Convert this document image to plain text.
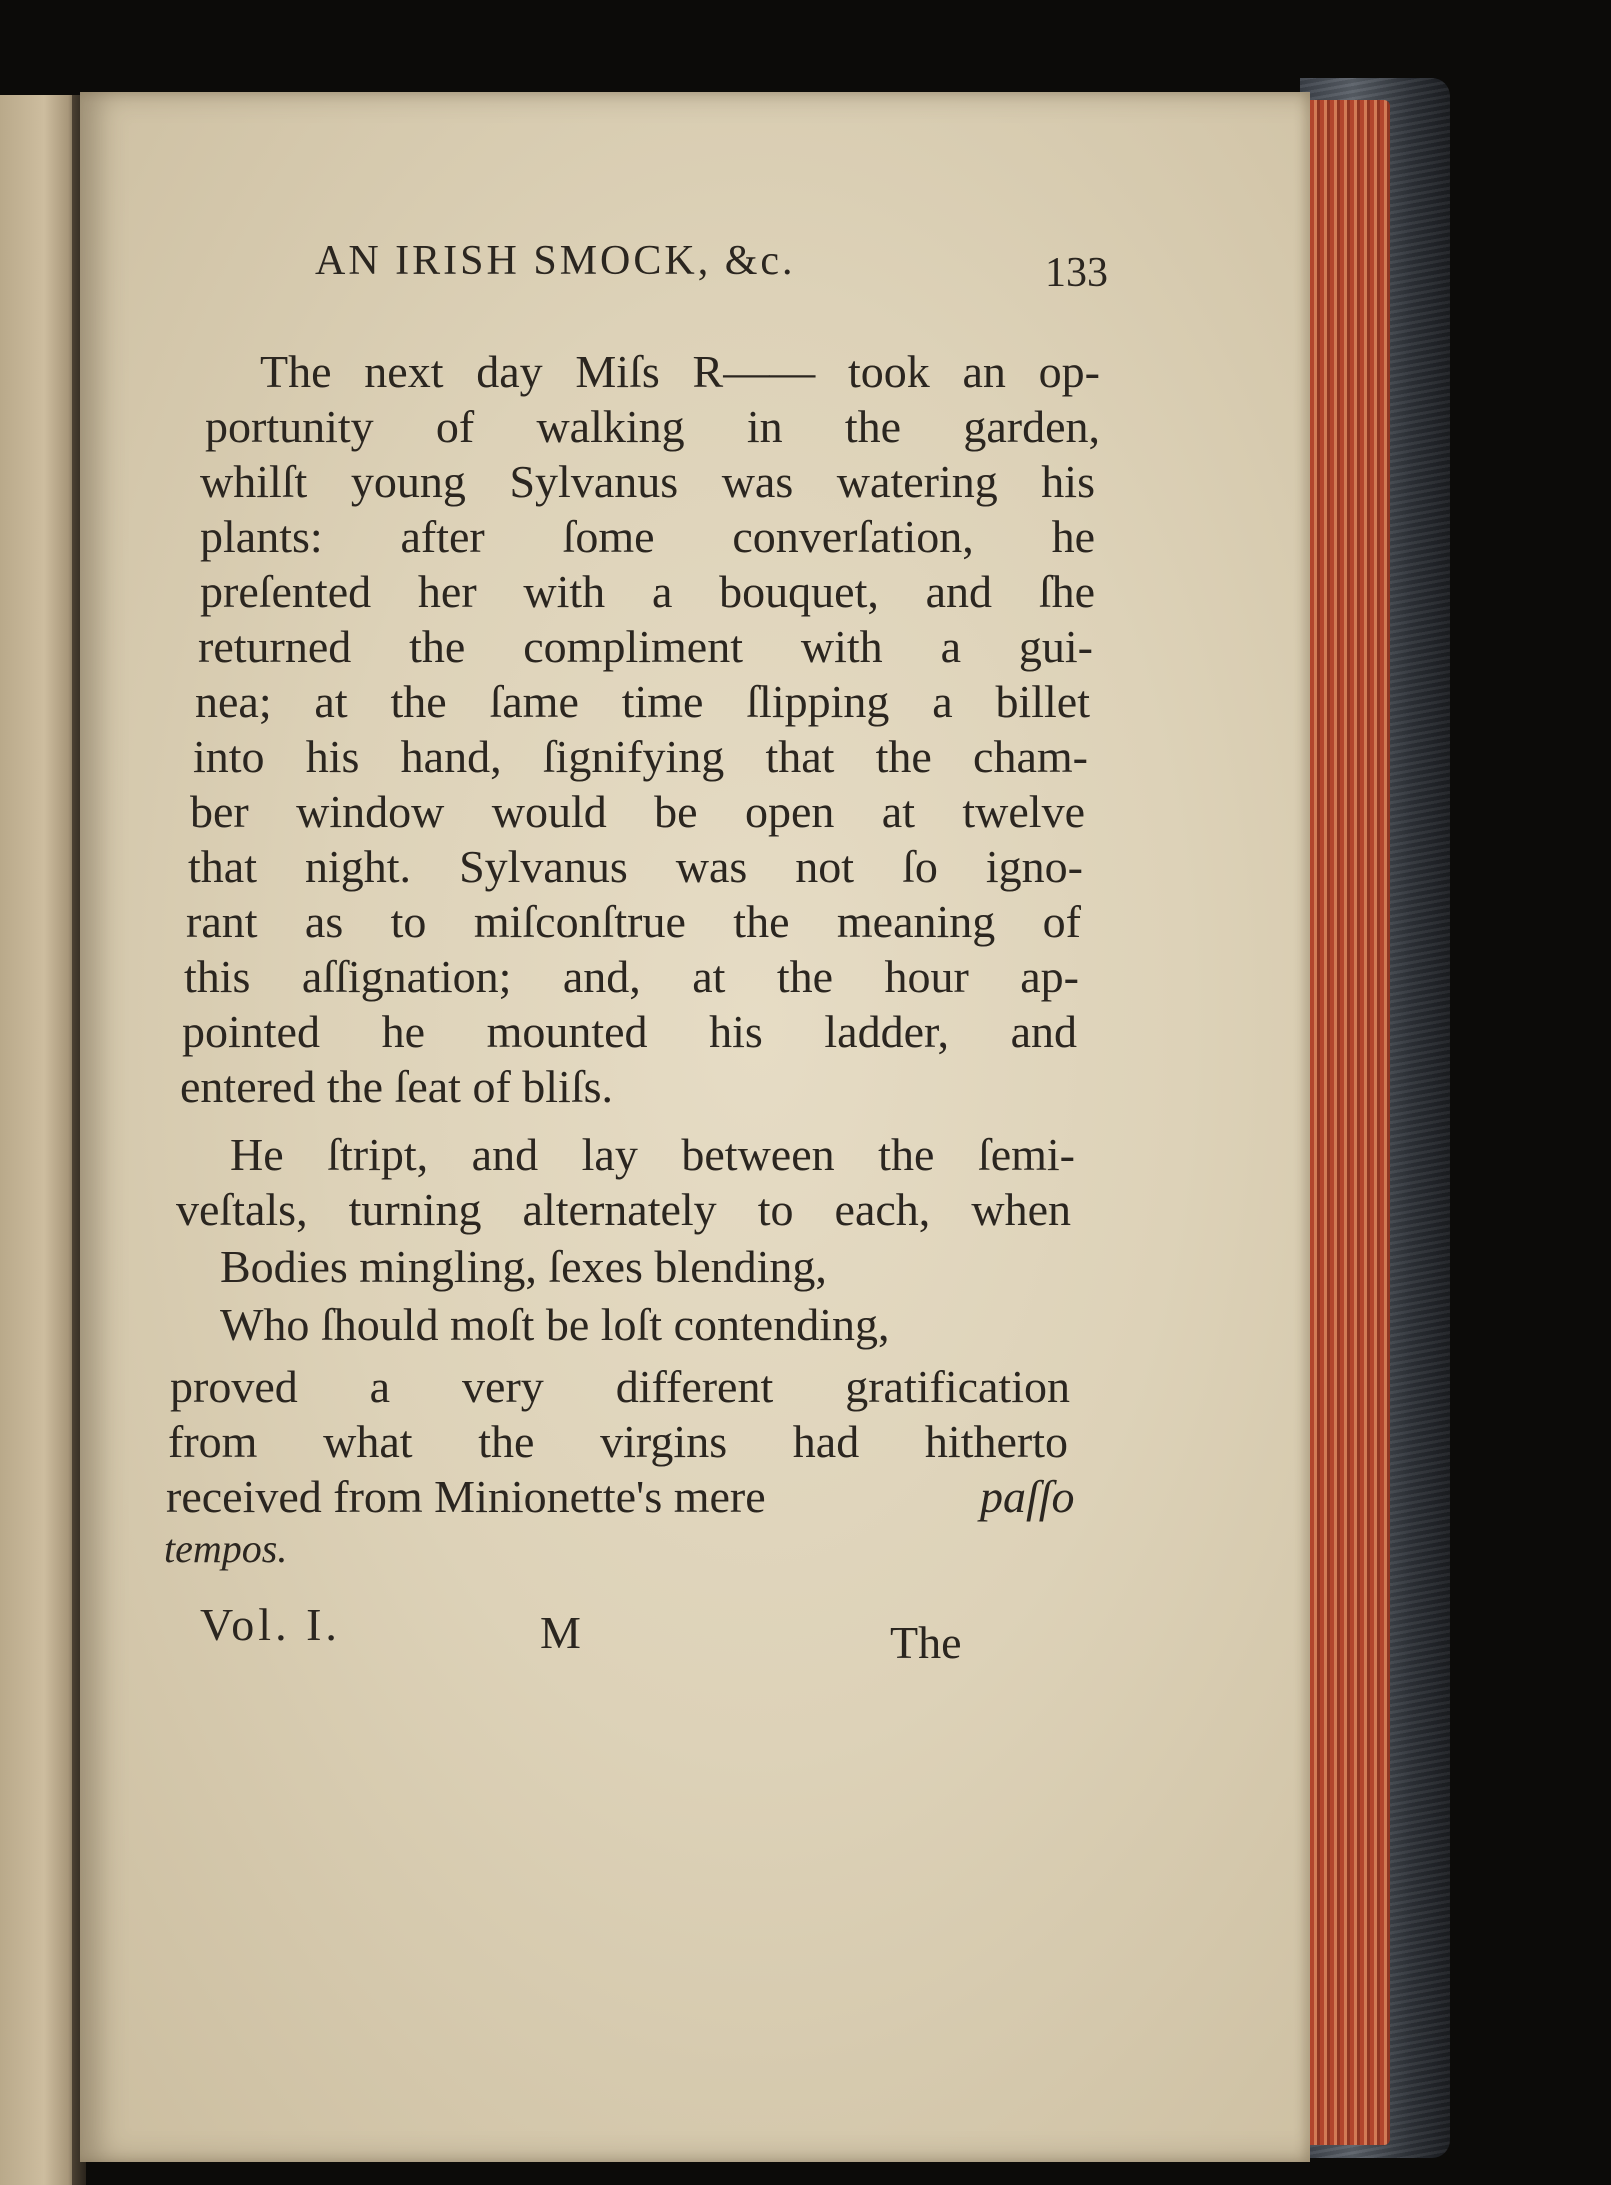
AN IRISH SMOCK, &c.	133

The next day Miſs R—— took an op-

portunity of walking in the garden,

whilſt young Sylvanus was watering his

plants: after ſome converſation, he

preſented her with a bouquet, and ſhe

returned the compliment with a gui-

nea; at the ſame time ſlipping a billet

into his hand, ſignifying that the cham-

ber window would be open at twelve

that night. Sylvanus was not ſo igno-

rant as to miſconſtrue the meaning of

this aſſignation; and, at the hour ap-

pointed he mounted his ladder, and

entered the ſeat of bliſs.

He ſtript, and lay between the ſemi-

veſtals, turning alternately to each, when

Bodies mingling, ſexes blending,

Who ſhould moſt be loſt contending,

proved a very different gratification

from what the virgins had hitherto

received from Minionette's mere	paſſo

tempos.

Vol. I.	M	The
